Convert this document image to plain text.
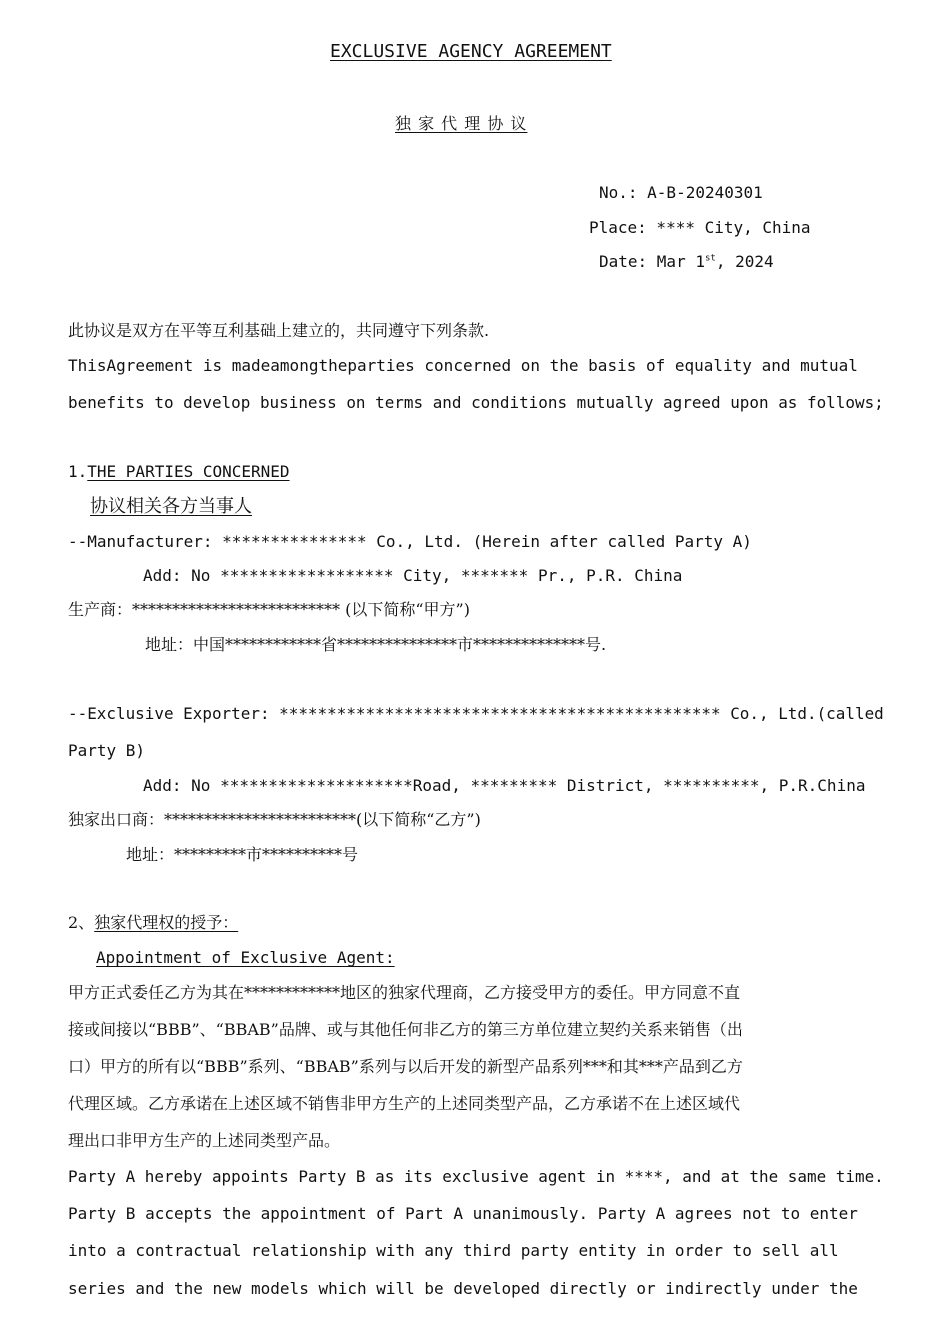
EXCLUSIVE AGENCY AGREEMENT
独 家 代 理 协 议
No.: A-B-20240301
Place: **** City, China
Date: Mar 1st, 2024
此协议是双方在平等互利基础上建立的，共同遵守下列条款.
ThisAgreement is madeamongtheparties concerned on the basis of equality and mutual
benefits to develop business on terms and conditions mutually agreed upon as follows;
1.THE PARTIES CONCERNED
协议相关各方当事人
--Manufacturer: *************** Co., Ltd. (Herein after called Party A)
Add: No ****************** City, ******* Pr., P.R. China
生产商：************************** (以下简称“甲方”)
地址：中国************省***************市**************号.
--Exclusive Exporter: ********************************************** Co., Ltd.(called
Party B)
Add: No ********************Road, ********* District, **********, P.R.China
独家出口商：************************(以下简称“乙方”)
地址：*********市**********号
2、独家代理权的授予：
Appointment of Exclusive Agent:
甲方正式委任乙方为其在************地区的独家代理商，乙方接受甲方的委任。甲方同意不直
接或间接以“BBB”、“BBAB”品牌、或与其他任何非乙方的第三方单位建立契约关系来销售（出
口）甲方的所有以“BBB”系列、“BBAB”系列与以后开发的新型产品系列***和其***产品到乙方
代理区域。乙方承诺在上述区域不销售非甲方生产的上述同类型产品，乙方承诺不在上述区域代
理出口非甲方生产的上述同类型产品。
Party A hereby appoints Party B as its exclusive agent in ****, and at the same time.
Party B accepts the appointment of Part A unanimously. Party A agrees not to enter
into a contractual relationship with any third party entity in order to sell all
series and the new models which will be developed directly or indirectly under the
